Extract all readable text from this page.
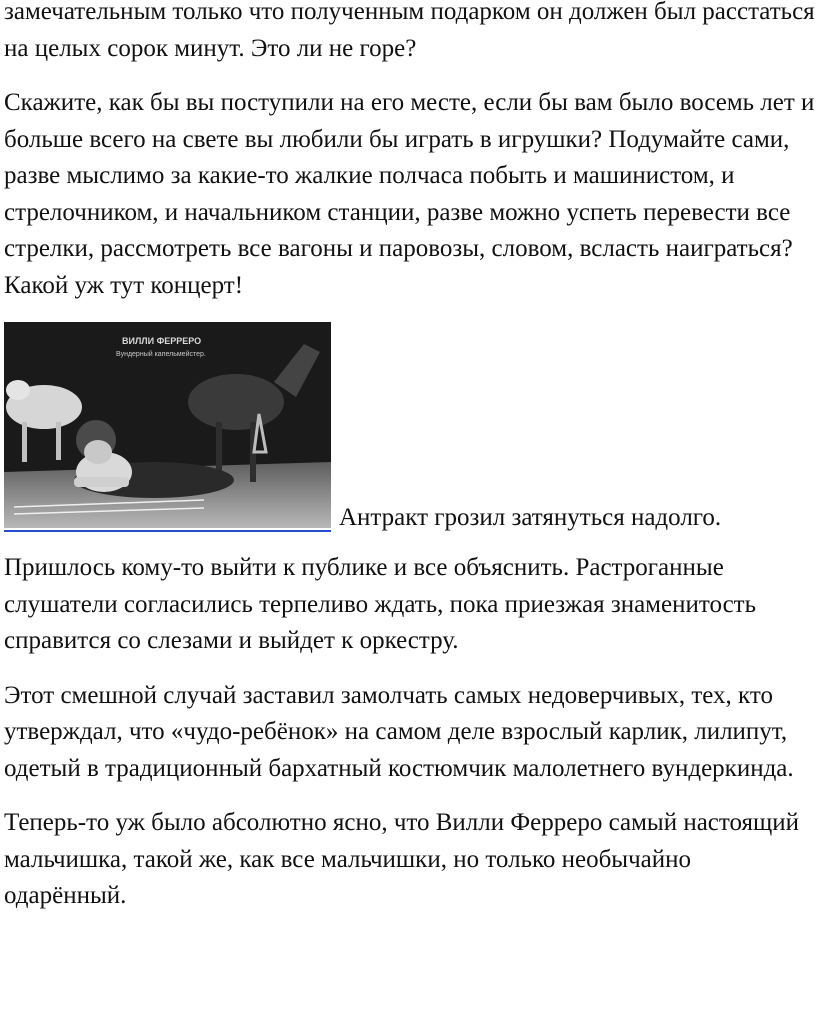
замечательным только что полученным подарком он должен был расстаться на целых сорок минут. Это ли не горе?

Скажите, как бы вы поступили на его месте, если бы вам было восемь лет и больше всего на свете вы любили бы играть в игрушки? Подумайте сами, разве мыслимо за какие-то жалкие полчаса побыть и машинистом, и стрелочником, и начальником станции, разве можно успеть перевести все стрелки, рассмотреть все вагоны и паровозы, словом, всласть наиграться? Какой уж тут концерт!

ВИЛЛИ ФЕРРЕРО
Вундерный капельмейстер.
Антракт грозил затянуться надолго.

Пришлось кому-то выйти к публике и все объяснить. Растроганные слушатели согласились терпеливо ждать, пока приезжая знаменитость справится со слезами и выйдет к оркестру.

Этот смешной случай заставил замолчать самых недоверчивых, тех, кто утверждал, что «чудо-ребёнок» на самом деле взрослый карлик, лилипут, одетый в традиционный бархатный костюмчик малолетнего вундеркинда.

Теперь-то уж было абсолютно ясно, что Вилли Ферреро самый настоящий мальчишка, такой же, как все мальчишки, но только необычайно одарённый.
